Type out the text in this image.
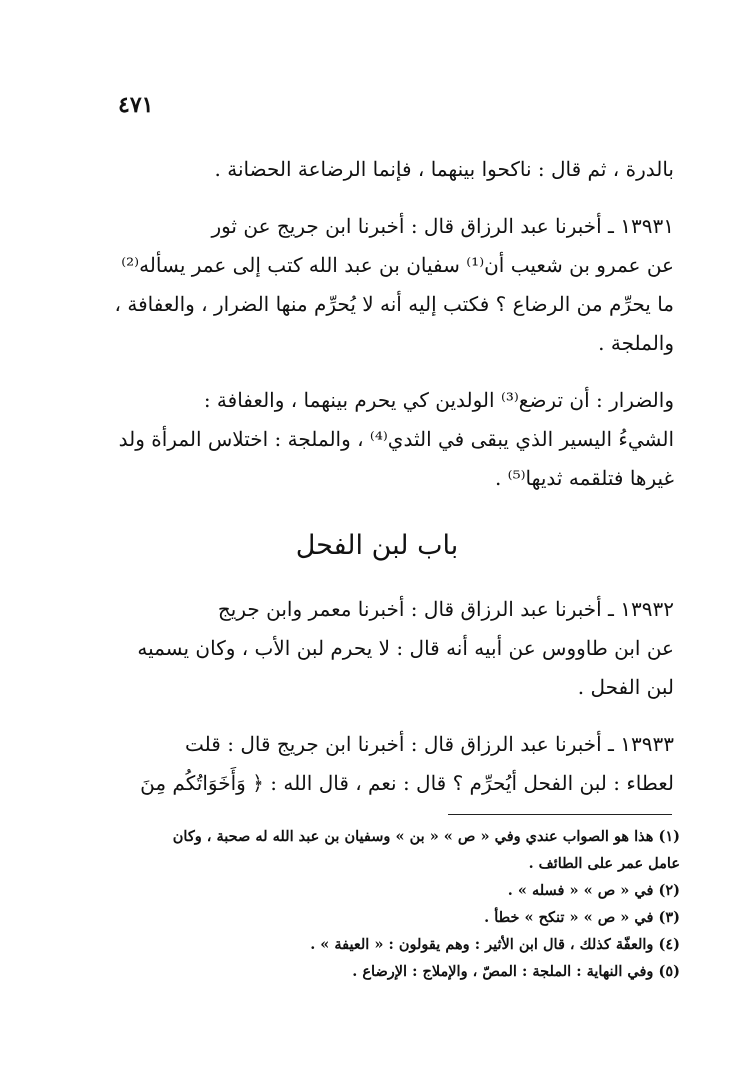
٤٧١
بالدرة ، ثم قال : ناكحوا بينهما ، فإنما الرضاعة الحضانة .
١٣٩٣١ ـ أخبرنا عبد الرزاق قال : أخبرنا ابن جريج عن ثور
عن عمرو بن شعيب أن⁽¹⁾ سفيان بن عبد الله كتب إلى عمر يسأله⁽²⁾
ما يحرِّم من الرضاع ؟ فكتب إليه أنه لا يُحرِّم منها الضرار ، والعفافة ،
والملجة .
والضرار : أن ترضع⁽³⁾ الولدين كي يحرم بينهما ، والعفافة :
الشيءُ اليسير الذي يبقى في الثدي⁽⁴⁾ ، والملجة : اختلاس المرأة ولد
غيرها فتلقمه ثديها⁽⁵⁾ .
باب لبن الفحل
١٣٩٣٢ ـ أخبرنا عبد الرزاق قال : أخبرنا معمر وابن جريج
عن ابن طاووس عن أبيه أنه قال : لا يحرم لبن الأب ، وكان يسميه
لبن الفحل .
١٣٩٣٣ ـ أخبرنا عبد الرزاق قال : أخبرنا ابن جريج قال : قلت
لعطاء : لبن الفحل أيُحرِّم ؟ قال : نعم ، قال الله : ﴿ وَأَخَوَاتُكُم مِنَ
(١) هذا هو الصواب عندي وفي « ص » « بن » وسفيان بن عبد الله له صحبة ، وكان
عامل عمر على الطائف .
(٢) في « ص » « فسله » .
(٣) في « ص » « تنكح » خطأ .
(٤) والعفّة كذلك ، قال ابن الأثير : وهم يقولون : « العيفة » .
(٥) وفي النهاية : الملجة : المصّ ، والإملاج : الإرضاع .
